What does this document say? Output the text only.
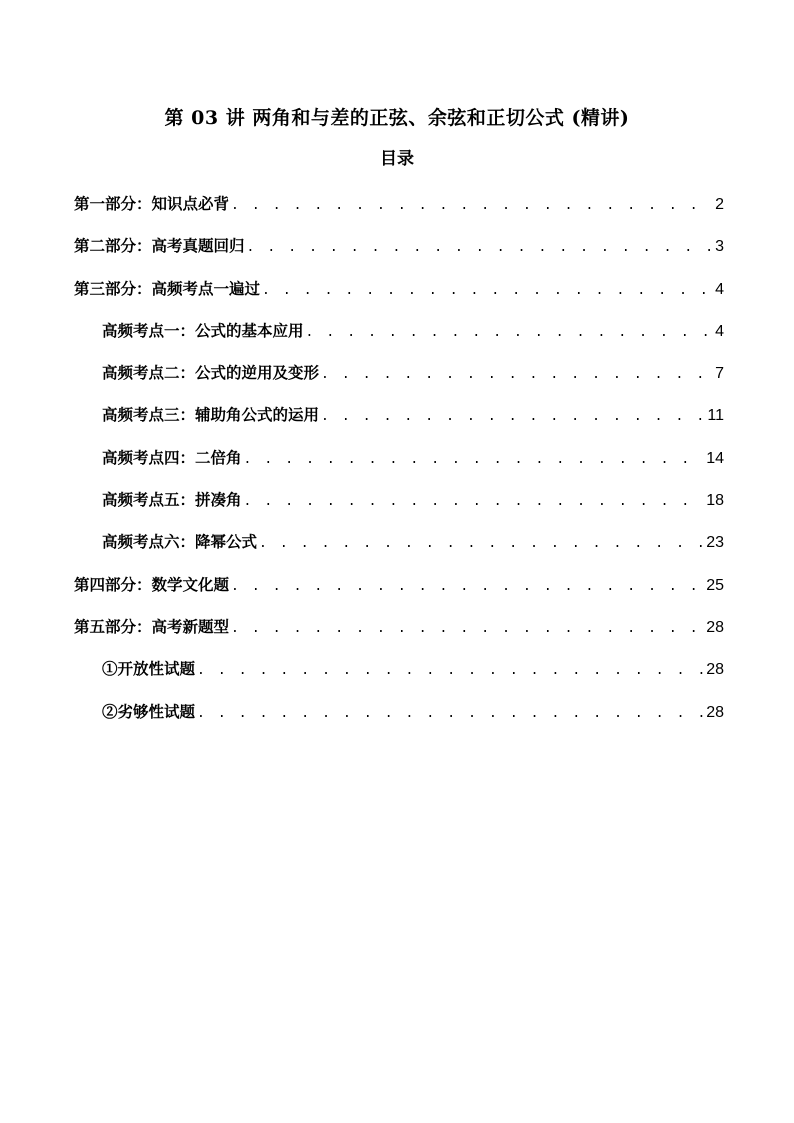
第 03 讲 两角和与差的正弦、余弦和正切公式 (精讲)
目录
第一部分：知识点必背 . . .	2
第二部分：高考真题回归 . . .	3
第三部分：高频考点一遍过 . . .	4
高频考点一：公式的基本应用 . . .	4
高频考点二：公式的逆用及变形 . . .	7
高频考点三：辅助角公式的运用 . . .	11
高频考点四：二倍角 . . .	14
高频考点五：拼凑角 . . .	18
高频考点六：降幂公式 . . .	23
第四部分：数学文化题 . . .	25
第五部分：高考新题型 . . .	28
①开放性试题 . . .	28
②劣够性试题 . . .	28
